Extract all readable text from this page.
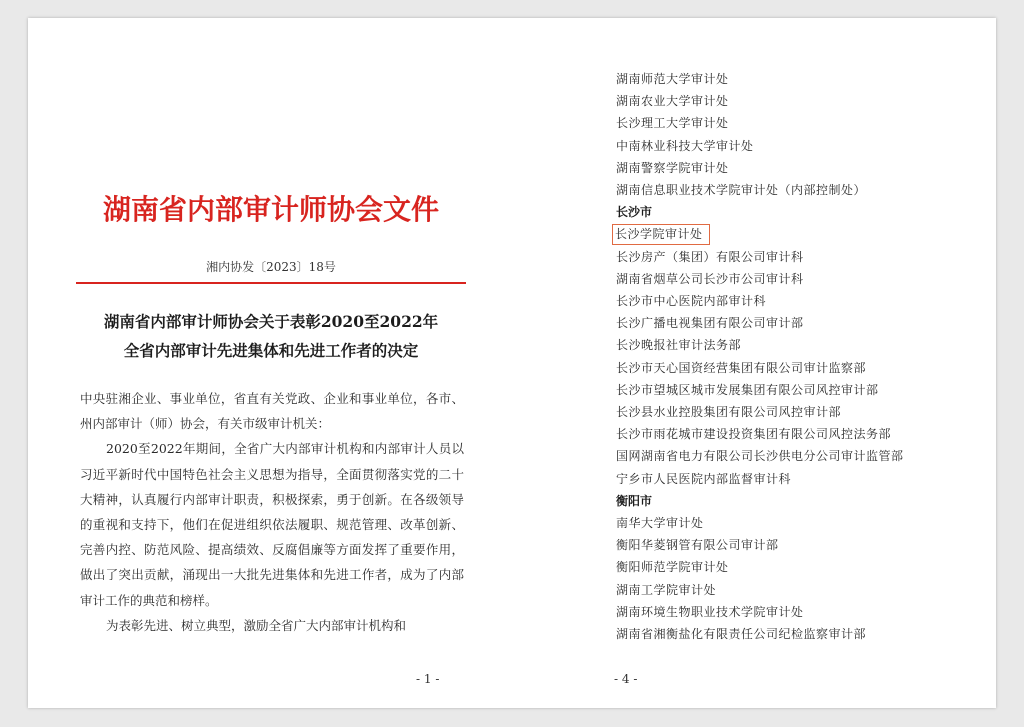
湖南省内部审计师协会文件
湘内协发〔2023〕18号
湖南省内部审计师协会关于表彰2020至2022年
全省内部审计先进集体和先进工作者的决定

中央驻湘企业、事业单位，省直有关党政、企业和事业单位，各市、州内部审计（师）协会，有关市级审计机关：

2020至2022年期间，全省广大内部审计机构和内部审计人员以习近平新时代中国特色社会主义思想为指导，全面贯彻落实党的二十大精神，认真履行内部审计职责，积极探索，勇于创新。在各级领导的重视和支持下，他们在促进组织依法履职、规范管理、改革创新、完善内控、防范风险、提高绩效、反腐倡廉等方面发挥了重要作用，做出了突出贡献，涌现出一大批先进集体和先进工作者，成为了内部审计工作的典范和榜样。

为表彰先进、树立典型，激励全省广大内部审计机构和

- 1 -
湖南师范大学审计处
湖南农业大学审计处
长沙理工大学审计处
中南林业科技大学审计处
湖南警察学院审计处
湖南信息职业技术学院审计处（内部控制处）
长沙市
长沙学院审计处
长沙房产（集团）有限公司审计科
湖南省烟草公司长沙市公司审计科
长沙市中心医院内部审计科
长沙广播电视集团有限公司审计部
长沙晚报社审计法务部
长沙市天心国资经营集团有限公司审计监察部
长沙市望城区城市发展集团有限公司风控审计部
长沙县水业控股集团有限公司风控审计部
长沙市雨花城市建设投资集团有限公司风控法务部
国网湖南省电力有限公司长沙供电分公司审计监管部
宁乡市人民医院内部监督审计科
衡阳市
南华大学审计处
衡阳华菱钢管有限公司审计部
衡阳师范学院审计处
湖南工学院审计处
湖南环境生物职业技术学院审计处
湖南省湘衡盐化有限责任公司纪检监察审计部
- 4 -
